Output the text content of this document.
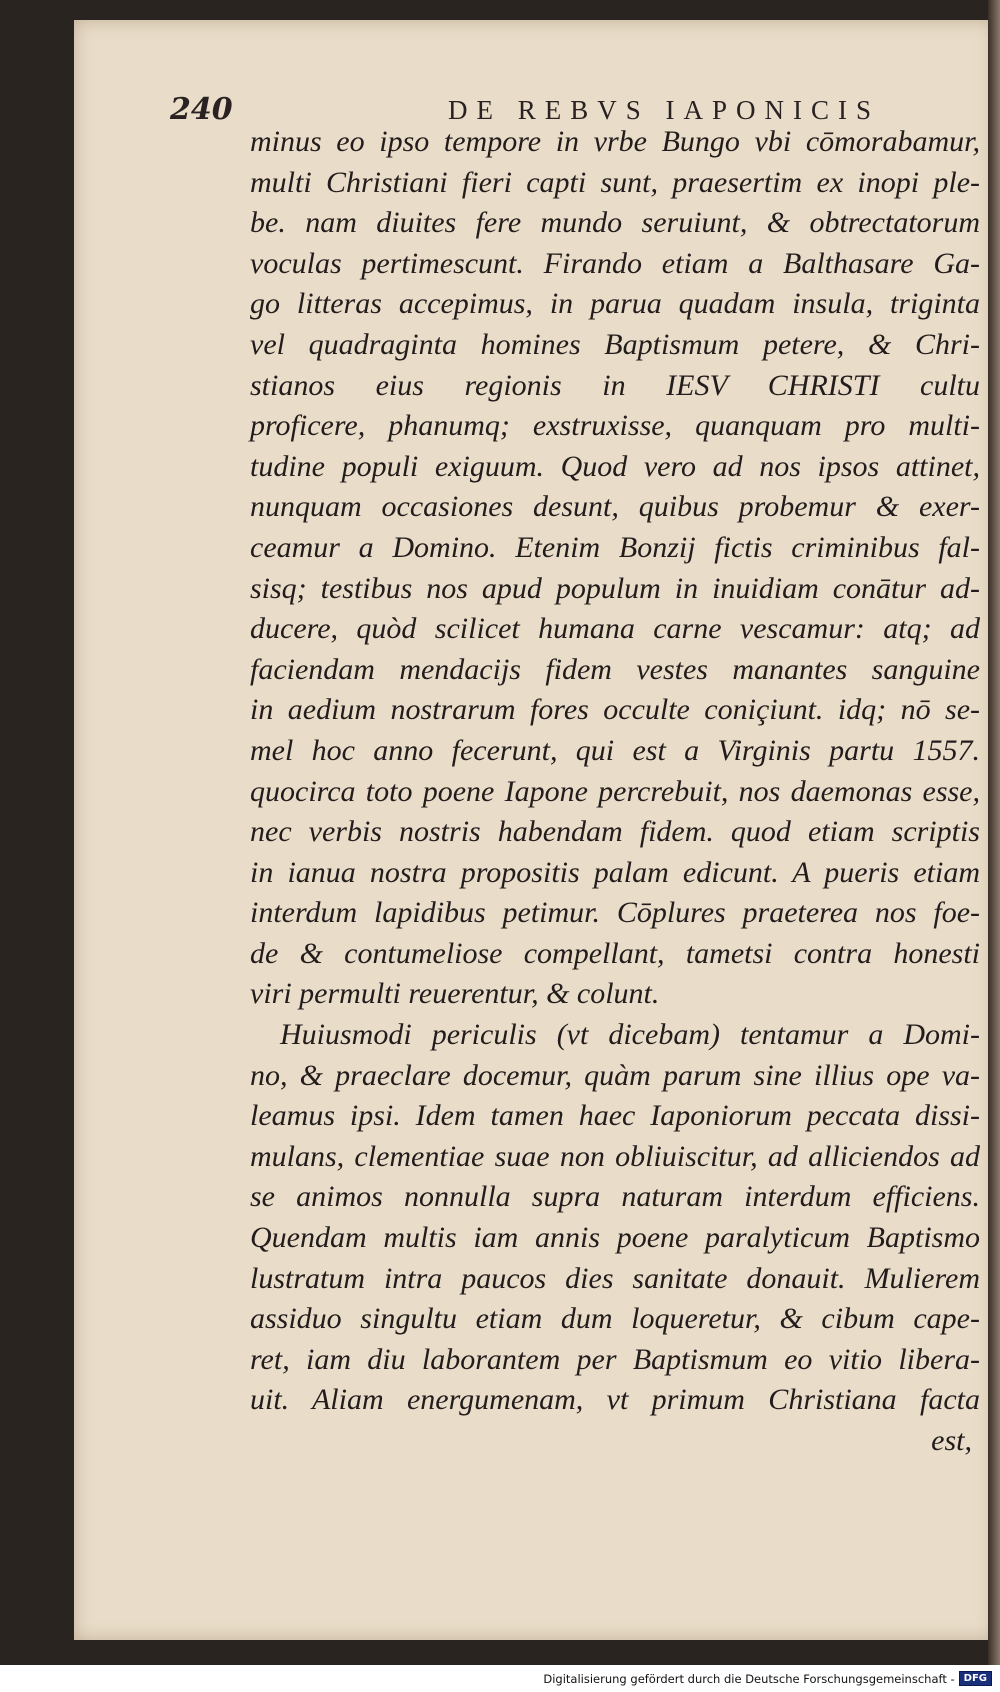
240	DE REBVS IAPONICIS
minus eo ipso tempore in vrbe Bungo vbi cōmorabamur,
multi Christiani fieri capti sunt, praesertim ex inopi ple-
be. nam diuites fere mundo seruiunt, & obtrectatorum
voculas pertimescunt. Firando etiam a Balthasare Ga-
go litteras accepimus, in parua quadam insula, triginta
vel quadraginta homines Baptismum petere, & Chri-
stianos eius regionis in IESV CHRISTI cultu
proficere, phanumq; exstruxisse, quanquam pro multi-
tudine populi exiguum. Quod vero ad nos ipsos attinet,
nunquam occasiones desunt, quibus probemur & exer-
ceamur a Domino. Etenim Bonzij fictis criminibus fal-
sisq; testibus nos apud populum in inuidiam conātur ad-
ducere, quòd scilicet humana carne vescamur: atq; ad
faciendam mendacijs fidem vestes manantes sanguine
in aedium nostrarum fores occulte coniçiunt. idq; nō se-
mel hoc anno fecerunt, qui est a Virginis partu 1557.
quocirca toto poene Iapone percrebuit, nos daemonas esse,
nec verbis nostris habendam fidem. quod etiam scriptis
in ianua nostra propositis palam edicunt. A pueris etiam
interdum lapidibus petimur. Cōplures praeterea nos foe-
de & contumeliose compellant, tametsi contra honesti
viri permulti reuerentur, & colunt.
Huiusmodi periculis (vt dicebam) tentamur a Domi-
no, & praeclare docemur, quàm parum sine illius ope va-
leamus ipsi. Idem tamen haec Iaponiorum peccata dissi-
mulans, clementiae suae non obliuiscitur, ad alliciendos ad
se animos nonnulla supra naturam interdum efficiens.
Quendam multis iam annis poene paralyticum Baptismo
lustratum intra paucos dies sanitate donauit. Mulierem
assiduo singultu etiam dum loqueretur, & cibum cape-
ret, iam diu laborantem per Baptismum eo vitio libera-
uit. Aliam energumenam, vt primum Christiana facta
est,
Digitalisierung gefördert durch die Deutsche Forschungsgemeinschaft - DFG
